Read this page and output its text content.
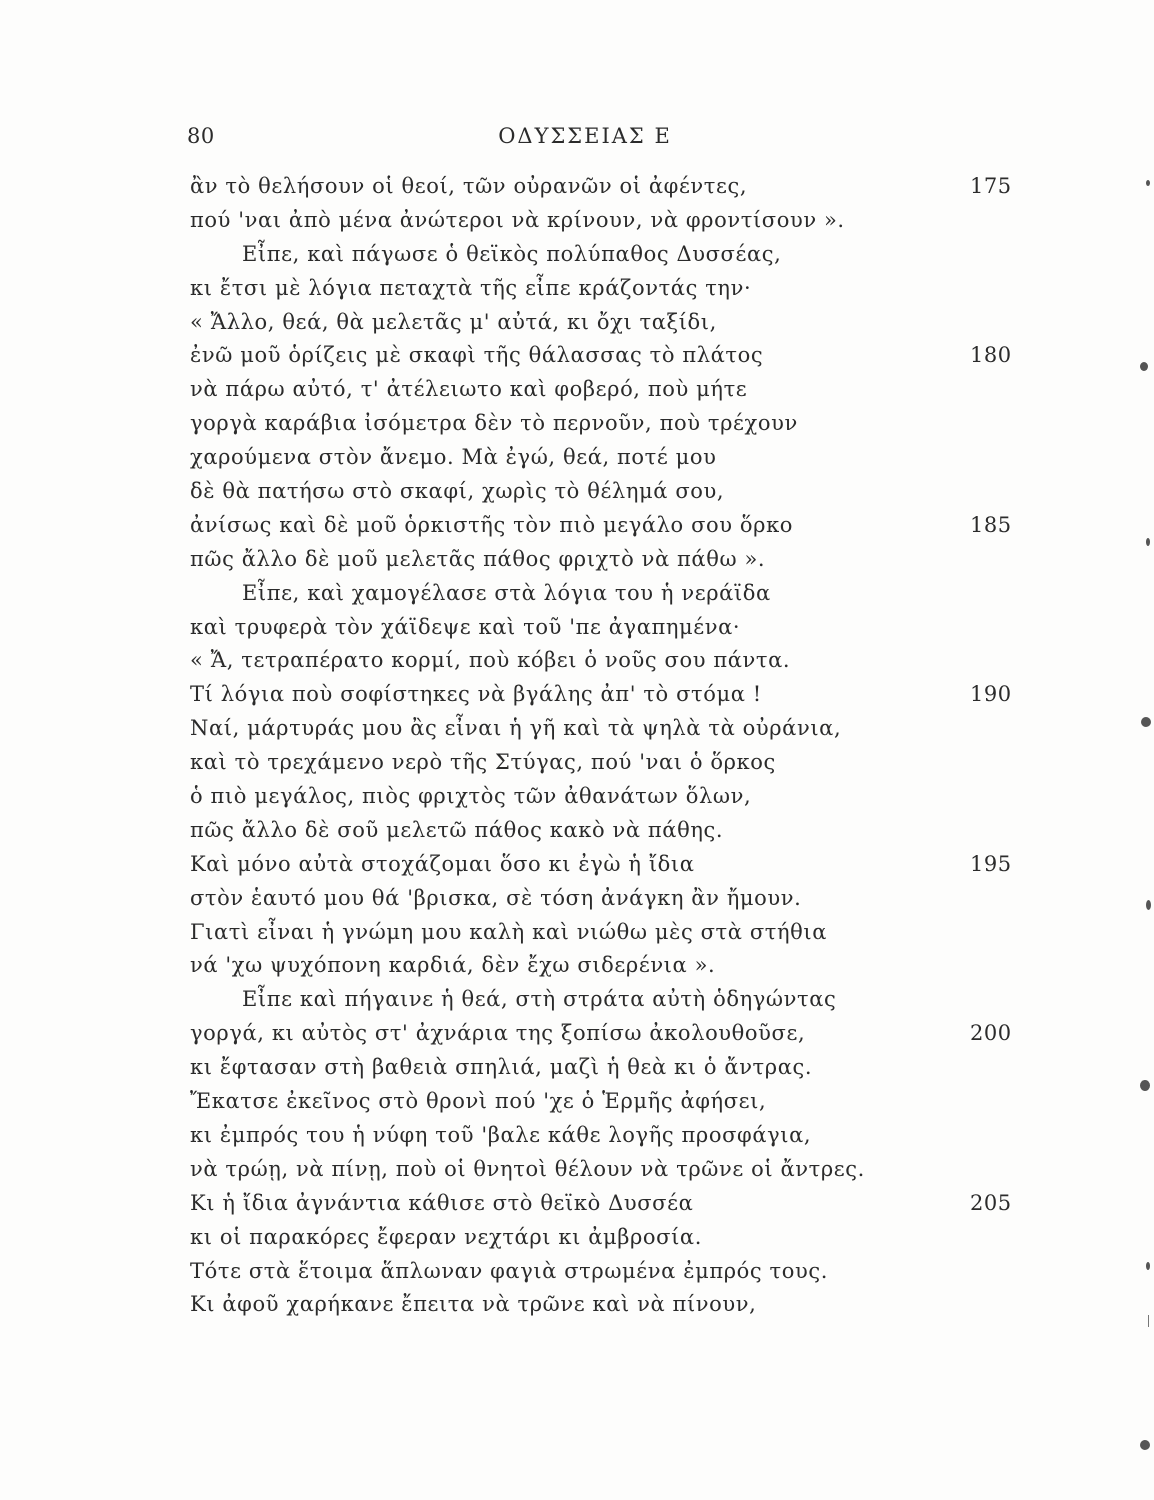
80	ΟΔΥΣΣΕΙΑΣ Ε
ἂν τὸ θελήσουν οἱ θεοί, τῶν οὐρανῶν οἱ ἀφέντες,	175
πού 'ναι ἀπὸ μένα ἀνώτεροι νὰ κρίνουν, νὰ φροντίσουν ».
Εἶπε, καὶ πάγωσε ὁ θεϊκὸς πολύπαθος Δυσσέας,
κι ἔτσι μὲ λόγια πεταχτὰ τῆς εἶπε κράζοντάς την·
« Ἄλλο, θεά, θὰ μελετᾶς μ' αὐτά, κι ὄχι ταξίδι,
ἐνῶ μοῦ ὁρίζεις μὲ σκαφὶ τῆς θάλασσας τὸ πλάτος	180
νὰ πάρω αὐτό, τ' ἀτέλειωτο καὶ φοβερό, ποὺ μήτε
γοργὰ καράβια ἰσόμετρα δὲν τὸ περνοῦν, ποὺ τρέχουν
χαρούμενα στὸν ἄνεμο. Μὰ ἐγώ, θεά, ποτέ μου
δὲ θὰ πατήσω στὸ σκαφί, χωρὶς τὸ θέλημά σου,
ἀνίσως καὶ δὲ μοῦ ὁρκιστῆς τὸν πιὸ μεγάλο σου ὅρκο	185
πῶς ἄλλο δὲ μοῦ μελετᾶς πάθος φριχτὸ νὰ πάθω ».
Εἶπε, καὶ χαμογέλασε στὰ λόγια του ἡ νεράϊδα
καὶ τρυφερὰ τὸν χάϊδεψε καὶ τοῦ 'πε ἀγαπημένα·
« Ἄ, τετραπέρατο κορμί, ποὺ κόβει ὁ νοῦς σου πάντα.
Τί λόγια ποὺ σοφίστηκες νὰ βγάλης ἀπ' τὸ στόμα !	190
Ναί, μάρτυράς μου ἂς εἶναι ἡ γῆ καὶ τὰ ψηλὰ τὰ οὐράνια,
καὶ τὸ τρεχάμενο νερὸ τῆς Στύγας, πού 'ναι ὁ ὅρκος
ὁ πιὸ μεγάλος, πιὸς φριχτὸς τῶν ἀθανάτων ὅλων,
πῶς ἄλλο δὲ σοῦ μελετῶ πάθος κακὸ νὰ πάθης.
Καὶ μόνο αὐτὰ στοχάζομαι ὅσο κι ἐγὼ ἡ ἴδια	195
στὸν ἑαυτό μου θά 'βρισκα, σὲ τόση ἀνάγκη ἂν ἤμουν.
Γιατὶ εἶναι ἡ γνώμη μου καλὴ καὶ νιώθω μὲς στὰ στήθια
νά 'χω ψυχόπονη καρδιά, δὲν ἔχω σιδερένια ».
Εἶπε καὶ πήγαινε ἡ θεά, στὴ στράτα αὐτὴ ὁδηγώντας
γοργά, κι αὐτὸς στ' ἀχνάρια της ξοπίσω ἀκολουθοῦσε,	200
κι ἔφτασαν στὴ βαθειὰ σπηλιά, μαζὶ ἡ θεὰ κι ὁ ἄντρας.
Ἔκατσε ἐκεῖνος στὸ θρονὶ πού 'χε ὁ Ἑρμῆς ἀφήσει,
κι ἐμπρός του ἡ νύφη τοῦ 'βαλε κάθε λογῆς προσφάγια,
νὰ τρώῃ, νὰ πίνῃ, ποὺ οἱ θνητοὶ θέλουν νὰ τρῶνε οἱ ἄντρες.
Κι ἡ ἴδια ἀγνάντια κάθισε στὸ θεϊκὸ Δυσσέα	205
κι οἱ παρακόρες ἔφεραν νεχτάρι κι ἀμβροσία.
Τότε στὰ ἕτοιμα ἅπλωναν φαγιὰ στρωμένα ἐμπρός τους.
Κι ἀφοῦ χαρήκανε ἔπειτα νὰ τρῶνε καὶ νὰ πίνουν,
